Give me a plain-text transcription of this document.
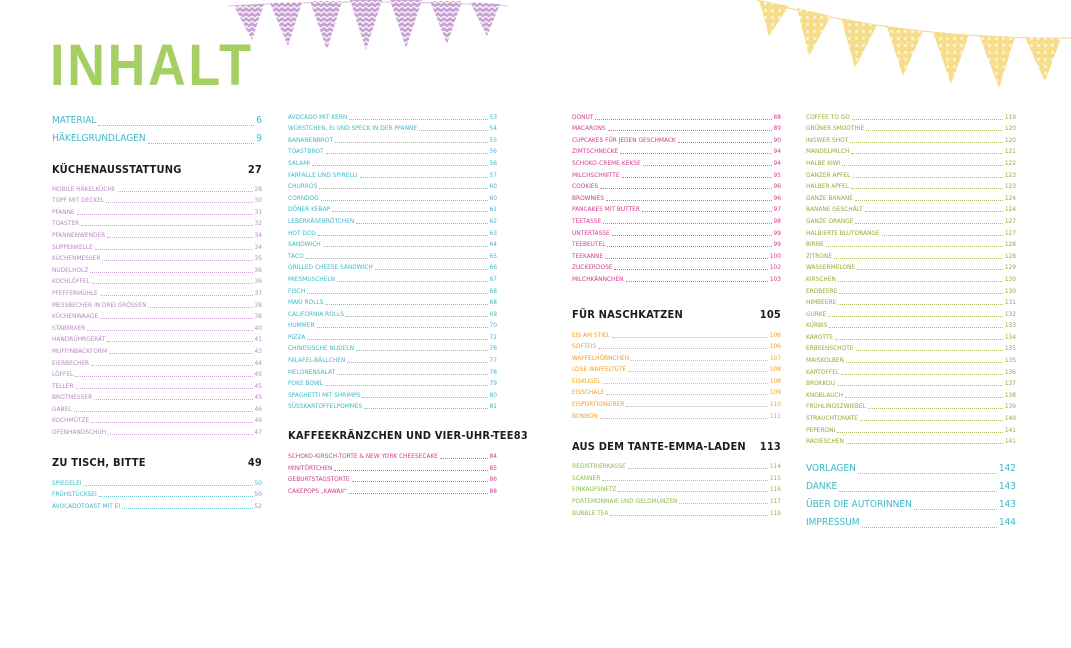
INHALT
MATERIAL	6
HÄKELGRUNDLAGEN	9
KÜCHENAUSSTATTUNG	27
MOBILE HÄKELKÜCHE	28
TOPF MIT DECKEL	30
PFANNE	31
TOASTER	32
PFANNENWENDER	34
SUPPENKELLE	34
KÜCHENMESSER	35
NUDELHOLZ	36
KOCHLÖFFEL	36
PFEFFERMÜHLE	37
MESSBECHER IN DREI GRÖSSEN	38
KÜCHENWAAGE	38
STABMIXER	40
HANDRÜHRGERÄT	41
MUFFINBACKFORM	43
EIERBECHER	44
LÖFFEL	45
TELLER	45
BROTMESSER	45
GABEL	46
KOCHMÜTZE	46
OFENHANDSCHUH	47
ZU TISCH, BITTE	49
SPIEGELEI	50
FRÜHSTÜCKSEI	50
AVOCADOTOAST MIT EI	52
AVOCADO MIT KERN	53
WÜRSTCHEN, EI UND SPECK IN DER PFANNE	54
BANANENBROT	55
TOASTBROT	56
SALAMI	56
FARFALLE UND SPIRELLI	57
CHURROS	60
CORNDOG	60
DÖNER KEBAP	61
LEBERKÄSEBRÖTCHEN	62
HOT DOG	63
SANDWICH	64
TACO	65
GRILLED CHEESE SANDWICH	66
MIESMUSCHELN	67
FISCH	68
MAKI ROLLS	68
CALIFORNIA ROLLS	69
HUMMER	70
PIZZA	72
CHINESISCHE NUDELN	76
FALAFEL-BÄLLCHEN	77
MELONENSALAT	78
POKE BOWL	79
SPAGHETTI MIT SHRIMPS	80
SÜSSKARTOFFELPOMMES	81
KAFFEEKRÄNZCHEN UND VIER-UHR-TEE 83
SCHOKO-KIRSCH-TORTE & NEW YORK CHEESECAKE	84
MINITÖRTCHEN	85
GEBURTSTAGSTORTE	86
CAKEPOPS „KAWAII“	88
DONUT	88
MACARONS	89
CUPCAKES FÜR JEDEN GESCHMACK	90
ZIMTSCHNECKE	94
SCHOKO-CREME-KEKSE	94
MILCHSCHNITTE	95
COOKIES	96
BROWNIES	96
PANCAKES MIT BUTTER	97
TEETASSE	98
UNTERTASSE	99
TEEBEUTEL	99
TEEKANNE	100
ZUCKERDOSE	102
MILCHKÄNNCHEN	103
FÜR NASCHKATZEN	105
EIS AM STIEL	106
SOFTEIS	106
WAFFELHÖRNCHEN	107
LOSE WAFFELTÜTE	108
EISKUGEL	108
EISSCHALE	109
EISPORTIONIERER	110
BONBON	111
AUS DEM TANTE-EMMA-LADEN 113
REGISTRIERKASSE	114
SCANNER	115
EINKAUFSNETZ	116
PORTEMONNAIE UND GELDMÜNZEN	117
BUBBLE TEA	119
COFFEE TO GO	119
GRÜNER SMOOTHIE	120
INGWER SHOT	120
MANDELMILCH	121
HALBE KIWI	122
GANZER APFEL	123
HALBER APFEL	123
GANZE BANANE	124
BANANE GESCHÄLT	124
GANZE ORANGE	127
HALBIERTE BLUTORANGE	127
BIRNE	128
ZITRONE	128
WASSERMELONE	129
KIRSCHEN	130
ERDBEERE	130
HIMBEERE	131
GURKE	132
KÜRBIS	133
KAROTTE	134
ERBSENSCHOTE	135
MAISKOLBEN	135
KARTOFFEL	136
BROKKOLI	137
KNOBLAUCH	138
FRÜHLINGSZWIEBEL	139
STRAUCHTOMATE	140
PEPERONI	141
RADIESCHEN	141
VORLAGEN	142
DANKE	143
ÜBER DIE AUTORINNEN	143
IMPRESSUM	144
